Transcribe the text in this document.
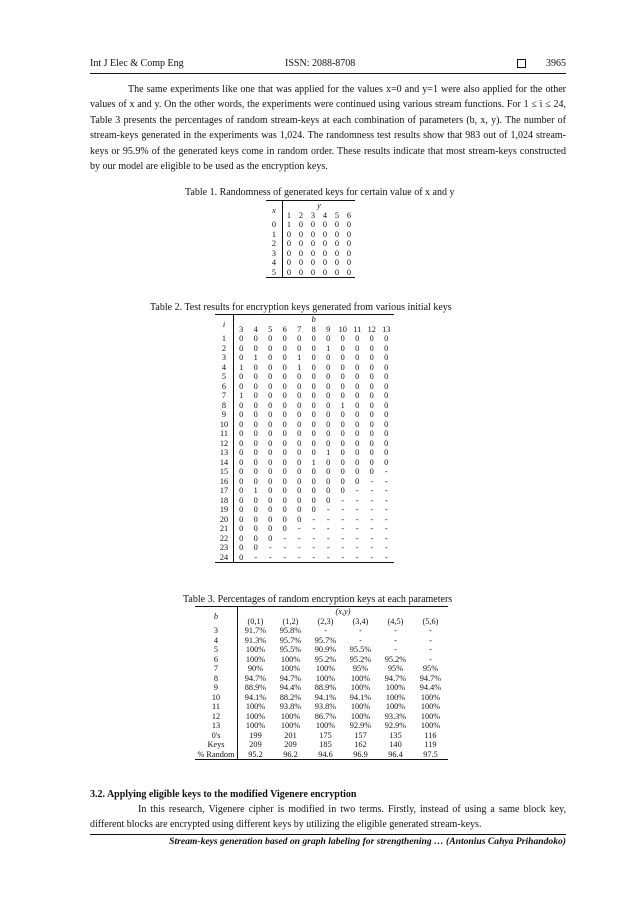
Int J Elec & Comp Eng	ISSN: 2088-8708	3965
The same experiments like one that was applied for the values x=0 and y=1 were also applied for the other values of x and y. On the other words, the experiments were continued using various stream functions. For 1 ≤ i ≤ 24, Table 3 presents the percentages of random stream-keys at each combination of parameters (b, x, y). The number of stream-keys generated in the experiments was 1,024. The randomness test results show that 983 out of 1,024 stream-keys or 95.9% of the generated keys come in random order. These results indicate that most stream-keys constructed by our model are eligible to be used as the encryption keys.
Table 1. Randomness of generated keys for certain value of x and y
x	y					
	1	2	3	4	5	6
0	1	0	0	0	0	0
1	0	0	0	0	0	0
2	0	0	0	0	0	0
3	0	0	0	0	0	0
4	0	0	0	0	0	0
5	0	0	0	0	0	0
Table 2. Test results for encryption keys generated from various initial keys
i	b										
	3	4	5	6	7	8	9	10	11	12	13
1	0	0	0	0	0	0	0	0	0	0	0
2	0	0	0	0	0	0	1	0	0	0	0
3	0	1	0	0	1	0	0	0	0	0	0
4	1	0	0	0	1	0	0	0	0	0	0
5	0	0	0	0	0	0	0	0	0	0	0
6	0	0	0	0	0	0	0	0	0	0	0
7	1	0	0	0	0	0	0	0	0	0	0
8	0	0	0	0	0	0	0	1	0	0	0
9	0	0	0	0	0	0	0	0	0	0	0
10	0	0	0	0	0	0	0	0	0	0	0
11	0	0	0	0	0	0	0	0	0	0	0
12	0	0	0	0	0	0	0	0	0	0	0
13	0	0	0	0	0	0	1	0	0	0	0
14	0	0	0	0	0	1	0	0	0	0	0
15	0	0	0	0	0	0	0	0	0	0	-
16	0	0	0	0	0	0	0	0	0	-	-
17	0	1	0	0	0	0	0	0	-	-	-
18	0	0	0	0	0	0	0	-	-	-	-
19	0	0	0	0	0	0	-	-	-	-	-
20	0	0	0	0	0	-	-	-	-	-	-
21	0	0	0	0	-	-	-	-	-	-	-
22	0	0	0	-	-	-	-	-	-	-	-
23	0	0	-	-	-	-	-	-	-	-	-
24	0	-	-	-	-	-	-	-	-	-	-
Table 3. Percentages of random encryption keys at each parameters
b	(x,y)					
	(0,1)	(1,2)	(2,3)	(3,4)	(4,5)	(5,6)
3	91.7%	95.8%	-	-	-	-
4	91.3%	95.7%	95.7%	-	-	-
5	100%	95.5%	90.9%	95.5%	-	-
6	100%	100%	95.2%	95.2%	95.2%	-
7	90%	100%	100%	95%	95%	95%
8	94.7%	94.7%	100%	100%	94.7%	94.7%
9	88.9%	94.4%	88.9%	100%	100%	94.4%
10	94.1%	88.2%	94.1%	94.1%	100%	100%
11	100%	93.8%	93.8%	100%	100%	100%
12	100%	100%	86.7%	100%	93.3%	100%
13	100%	100%	100%	92.9%	92.9%	100%
0's	199	201	175	157	135	116
Keys	209	209	185	162	140	119
% Random	95.2	96.2	94.6	96.9	96.4	97.5
3.2. Applying eligible keys to the modified Vigenere encryption
In this research, Vigenere cipher is modified in two terms. Firstly, instead of using a same block key, different blocks are encrypted using different keys by utilizing the eligible generated stream-keys.
Stream-keys generation based on graph labeling for strengthening … (Antonius Cahya Prihandoko)
